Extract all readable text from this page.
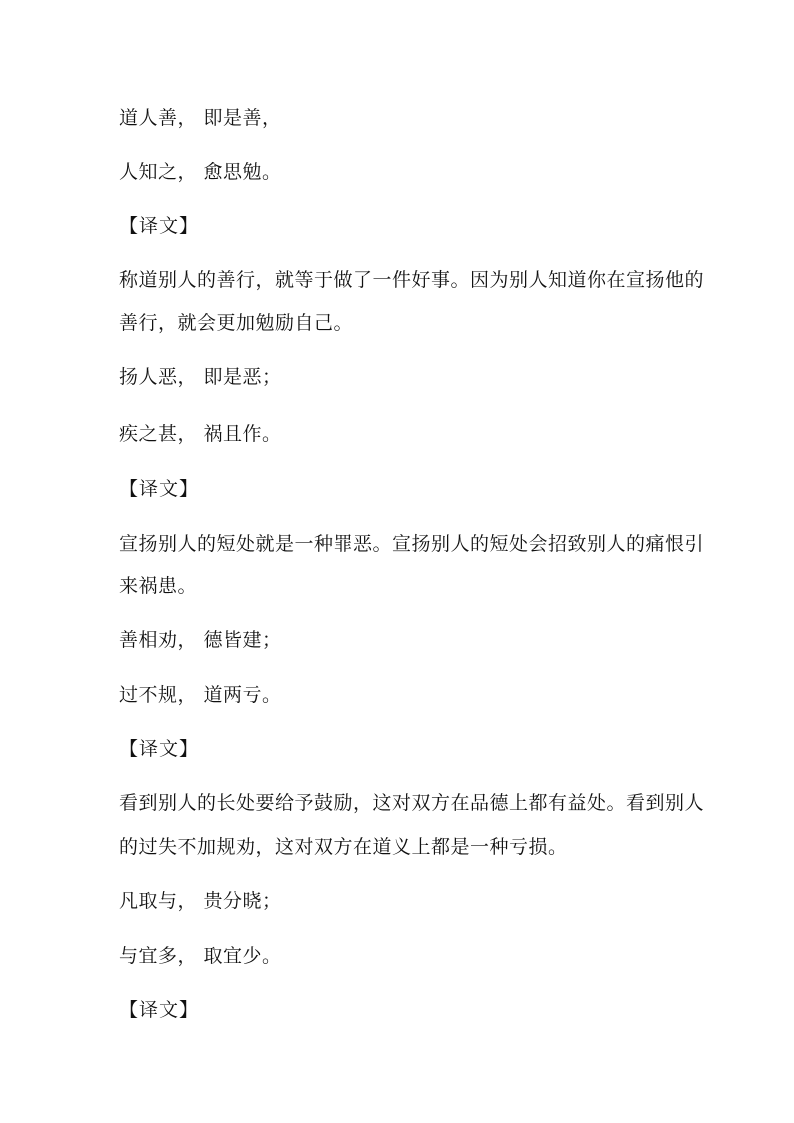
道人善， 即是善，
人知之， 愈思勉。
【译文】
称道别人的善行，就等于做了一件好事。因为别人知道你在宣扬他的
善行，就会更加勉励自己。
扬人恶， 即是恶；
疾之甚， 祸且作。
【译文】
宣扬别人的短处就是一种罪恶。宣扬别人的短处会招致别人的痛恨引
来祸患。
善相劝， 德皆建；
过不规， 道两亏。
【译文】
看到别人的长处要给予鼓励，这对双方在品德上都有益处。看到别人
的过失不加规劝，这对双方在道义上都是一种亏损。
凡取与， 贵分晓；
与宜多， 取宜少。
【译文】
